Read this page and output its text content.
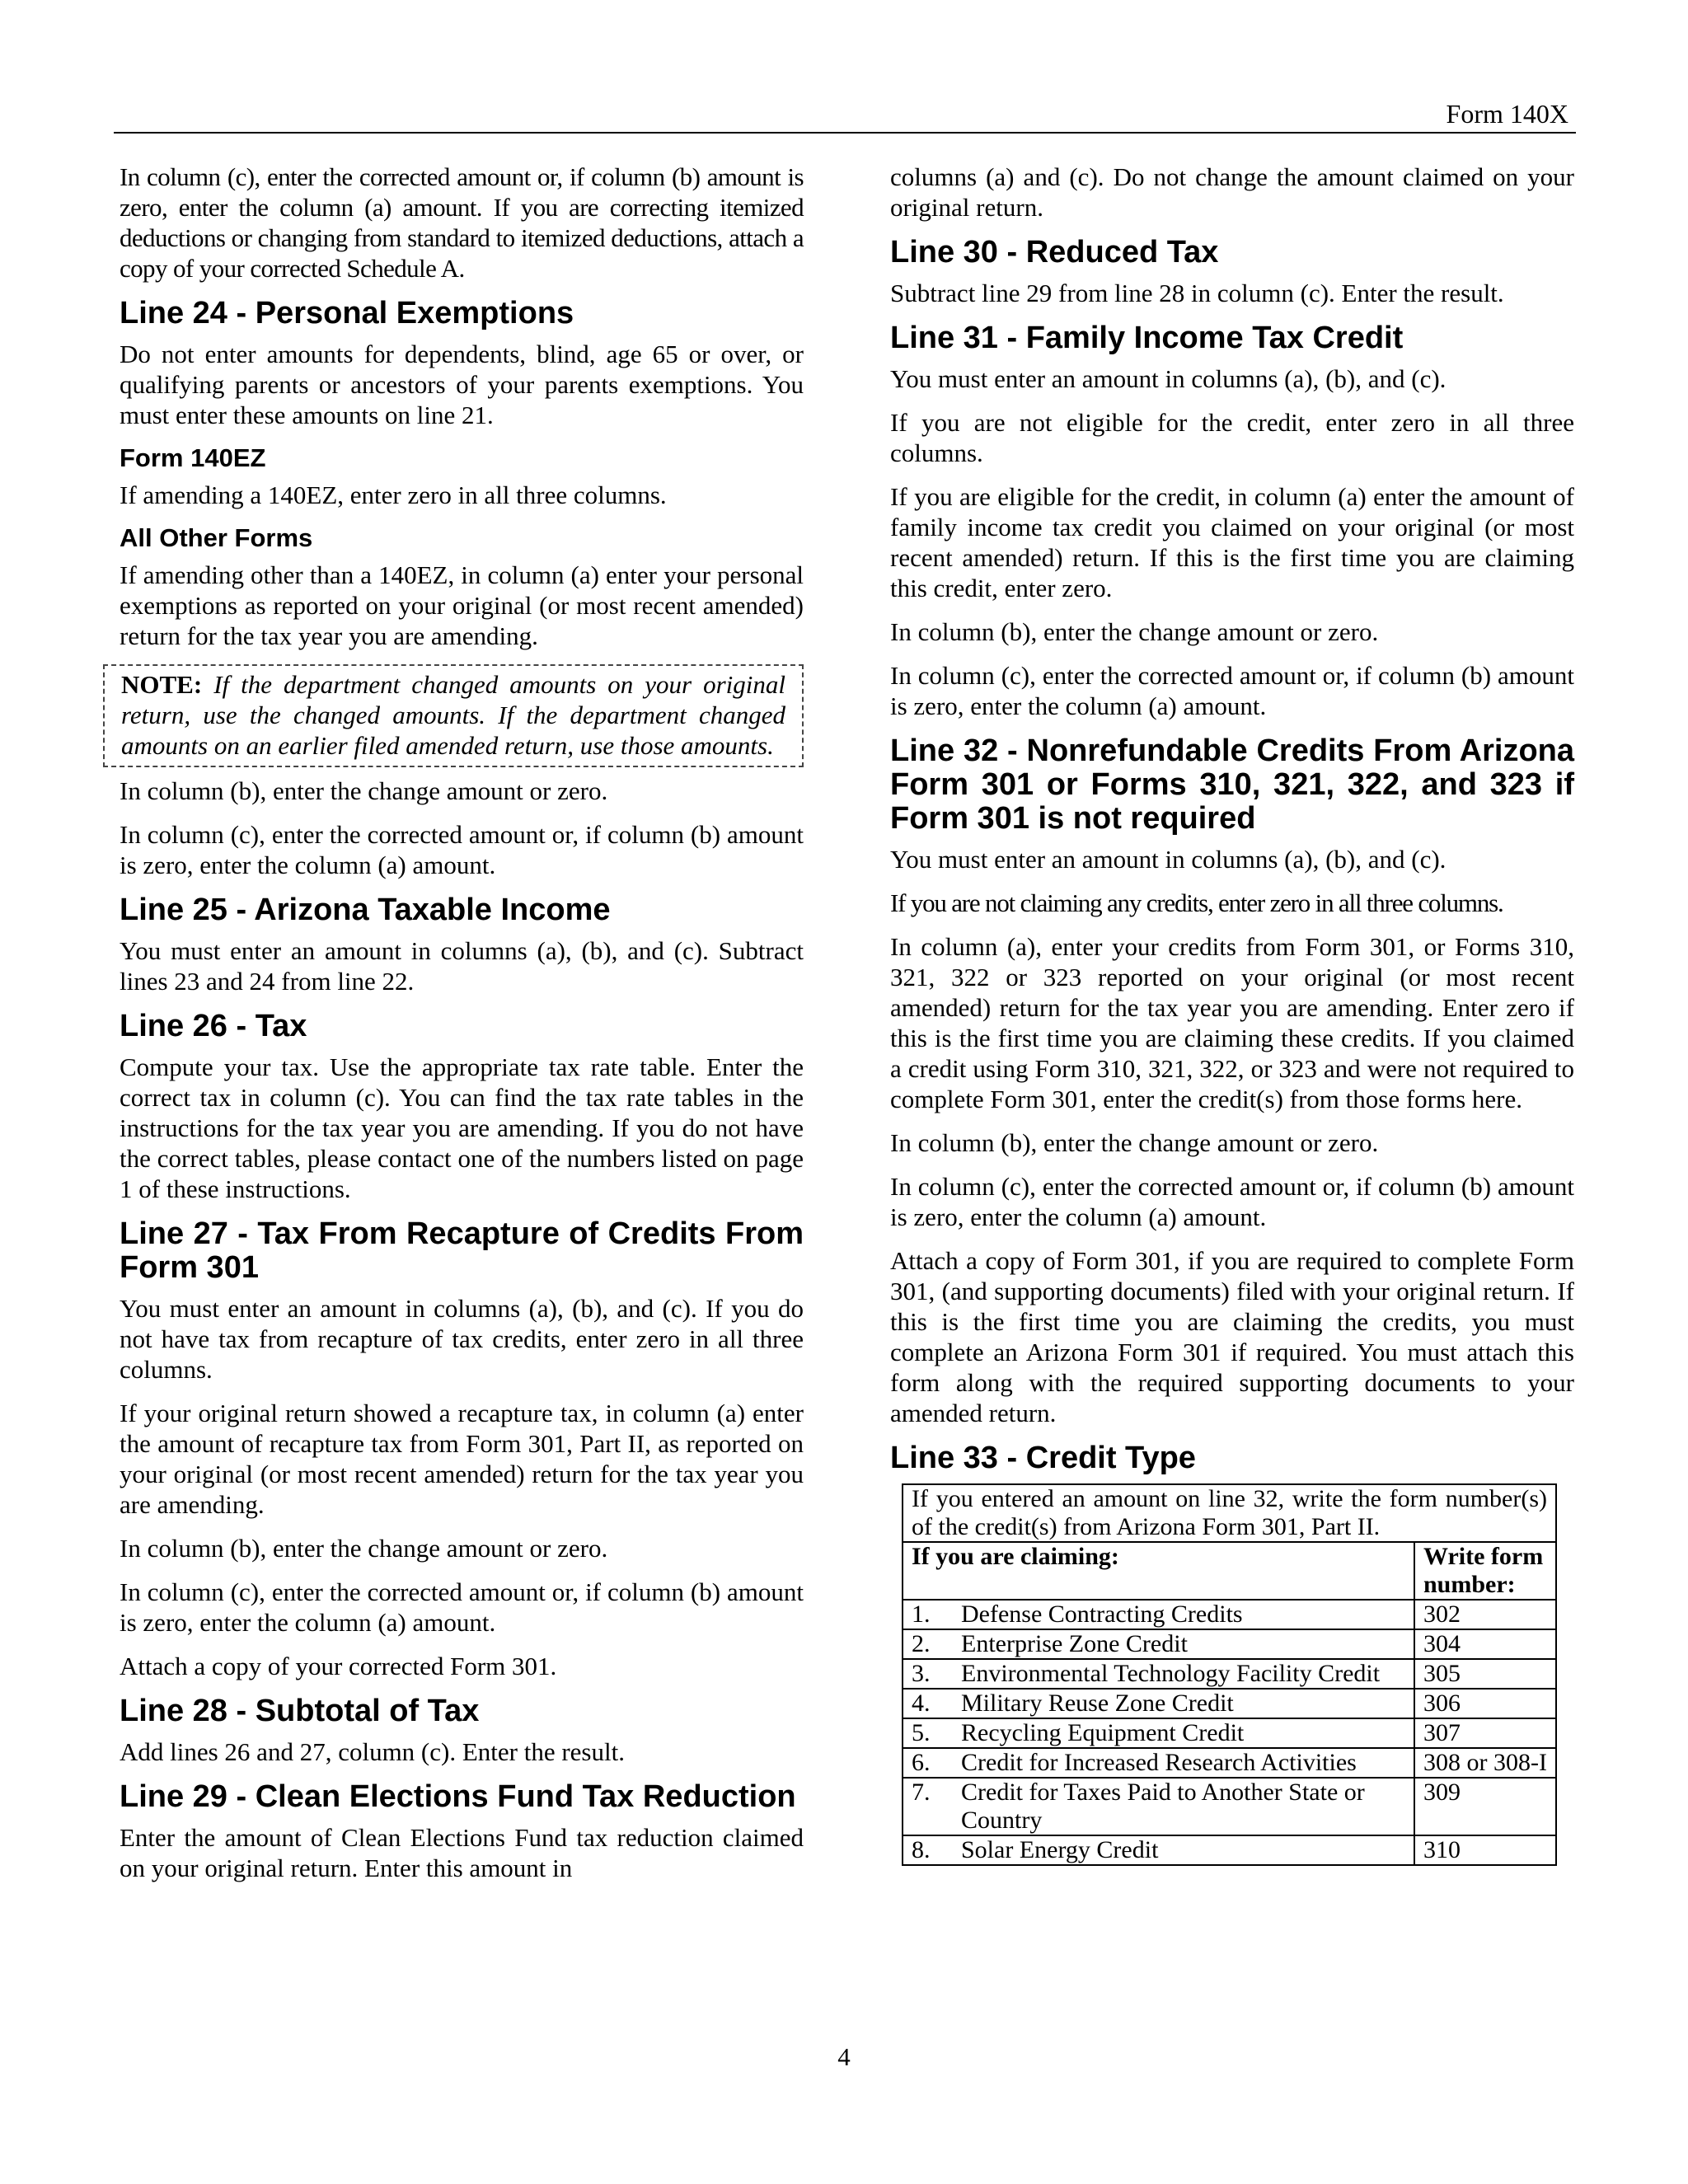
Form 140X

In column (c), enter the corrected amount or, if column (b) amount is zero, enter the column (a) amount. If you are correcting itemized deductions or changing from standard to itemized deductions, attach a copy of your corrected Schedule A.

Line 24 - Personal Exemptions

Do not enter amounts for dependents, blind, age 65 or over, or qualifying parents or ancestors of your parents exemptions. You must enter these amounts on line 21.

Form 140EZ

If amending a 140EZ, enter zero in all three columns.

All Other Forms

If amending other than a 140EZ, in column (a) enter your personal exemptions as reported on your original (or most recent amended) return for the tax year you are amending.

NOTE: If the department changed amounts on your original return, use the changed amounts. If the department changed amounts on an earlier filed amended return, use those amounts.

In column (b), enter the change amount or zero.

In column (c), enter the corrected amount or, if column (b) amount is zero, enter the column (a) amount.

Line 25 - Arizona Taxable Income

You must enter an amount in columns (a), (b), and (c). Subtract lines 23 and 24 from line 22.

Line 26 - Tax

Compute your tax. Use the appropriate tax rate table. Enter the correct tax in column (c). You can find the tax rate tables in the instructions for the tax year you are amending. If you do not have the correct tables, please contact one of the numbers listed on page 1 of these instructions.

Line 27 - Tax From Recapture of Credits From Form 301

You must enter an amount in columns (a), (b), and (c). If you do not have tax from recapture of tax credits, enter zero in all three columns.

If your original return showed a recapture tax, in column (a) enter the amount of recapture tax from Form 301, Part II, as reported on your original (or most recent amended) return for the tax year you are amending.

In column (b), enter the change amount or zero.

In column (c), enter the corrected amount or, if column (b) amount is zero, enter the column (a) amount.

Attach a copy of your corrected Form 301.

Line 28 - Subtotal of Tax

Add lines 26 and 27, column (c). Enter the result.

Line 29 - Clean Elections Fund Tax Reduction

Enter the amount of Clean Elections Fund tax reduction claimed on your original return. Enter this amount in

columns (a) and (c). Do not change the amount claimed on your original return.

Line 30 - Reduced Tax

Subtract line 29 from line 28 in column (c). Enter the result.

Line 31 - Family Income Tax Credit

You must enter an amount in columns (a), (b), and (c).

If you are not eligible for the credit, enter zero in all three columns.

If you are eligible for the credit, in column (a) enter the amount of family income tax credit you claimed on your original (or most recent amended) return. If this is the first time you are claiming this credit, enter zero.

In column (b), enter the change amount or zero.

In column (c), enter the corrected amount or, if column (b) amount is zero, enter the column (a) amount.

Line 32 - Nonrefundable Credits From Arizona Form 301 or Forms 310, 321, 322, and 323 if Form 301 is not required

You must enter an amount in columns (a), (b), and (c).

If you are not claiming any credits, enter zero in all three columns.

In column (a), enter your credits from Form 301, or Forms 310, 321, 322 or 323 reported on your original (or most recent amended) return for the tax year you are amending. Enter zero if this is the first time you are claiming these credits. If you claimed a credit using Form 310, 321, 322, or 323 and were not required to complete Form 301, enter the credit(s) from those forms here.

In column (b), enter the change amount or zero.

In column (c), enter the corrected amount or, if column (b) amount is zero, enter the column (a) amount.

Attach a copy of Form 301, if you are required to complete Form 301, (and supporting documents) filed with your original return. If this is the first time you are claiming the credits, you must complete an Arizona Form 301 if required. You must attach this form along with the required supporting documents to your amended return.

Line 33 - Credit Type
If you entered an amount on line 32, write the form number(s) of the credit(s) from Arizona Form 301, Part II.	
If you are claiming:	Write form number:
1. Defense Contracting Credits	302
2. Enterprise Zone Credit	304
3. Environmental Technology Facility Credit	305
4. Military Reuse Zone Credit	306
5. Recycling Equipment Credit	307
6. Credit for Increased Research Activities	308 or 308-I
7. Credit for Taxes Paid to Another State or Country	309
8. Solar Energy Credit	310
4
